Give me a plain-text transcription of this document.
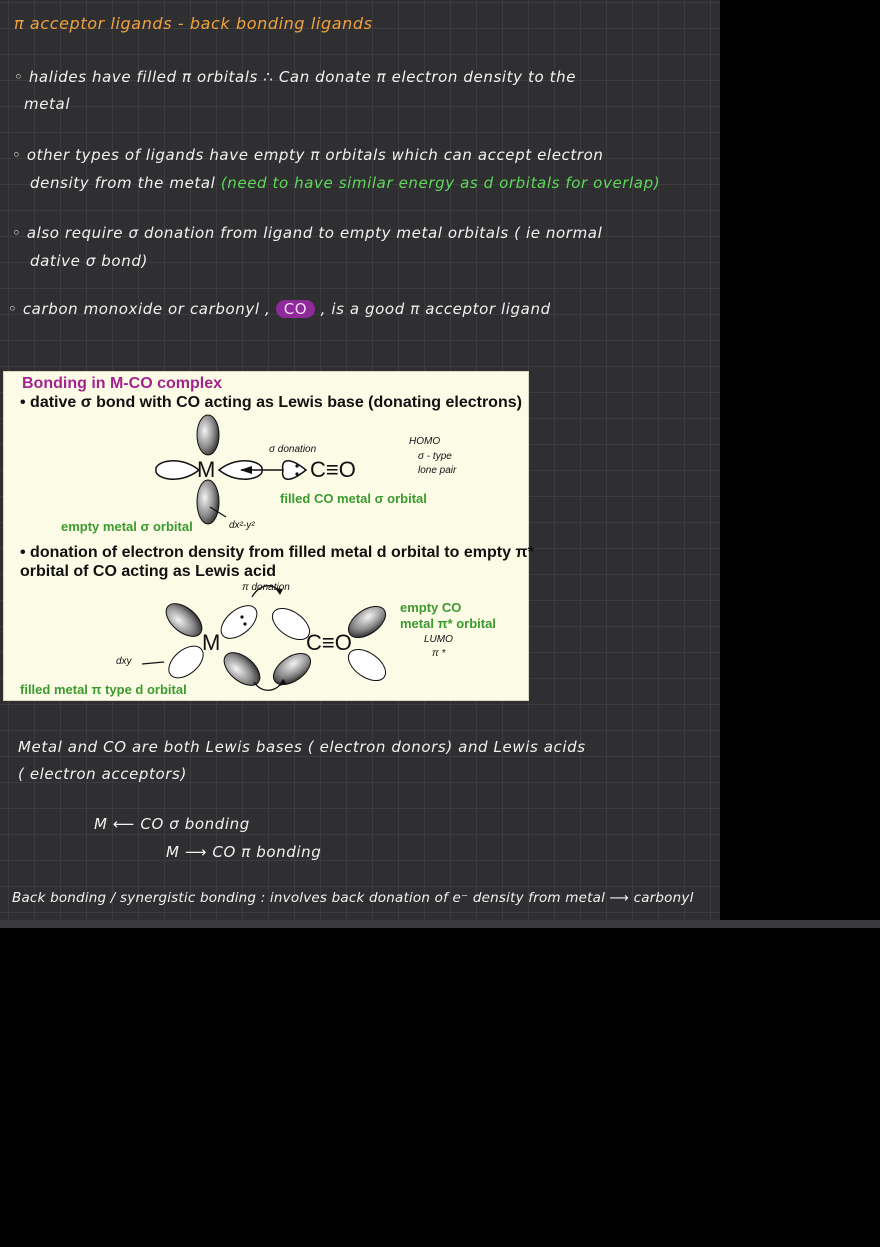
π acceptor ligands - back bonding ligands
◦ halides have filled π orbitals ∴ Can donate π electron density to the
metal
◦ other types of ligands have empty π orbitals which can accept electron
density from the metal (need to have similar energy as d orbitals for overlap)
◦ also require σ donation from ligand to empty metal orbitals ( ie normal
dative σ bond)
◦ carbon monoxide or carbonyl , CO , is a good π acceptor ligand
Bonding in M-CO complex
• dative σ bond with CO acting as Lewis base (donating electrons)
σ donation
M	C≡O
HOMO
σ - type
lone pair
filled CO metal σ orbital
empty metal σ orbital	dx²-y²
• donation of electron density from filled metal d orbital to empty π*
orbital of CO acting as Lewis acid
π donation
M	C≡O
empty CO
metal π* orbital
LUMO
π *
dxy
filled metal π type d orbital
Metal and CO are both Lewis bases ( electron donors) and Lewis acids
( electron acceptors)
M ⟵ CO σ bonding
M ⟶ CO π bonding
Back bonding / synergistic bonding : involves back donation of e⁻ density from metal ⟶ carbonyl
